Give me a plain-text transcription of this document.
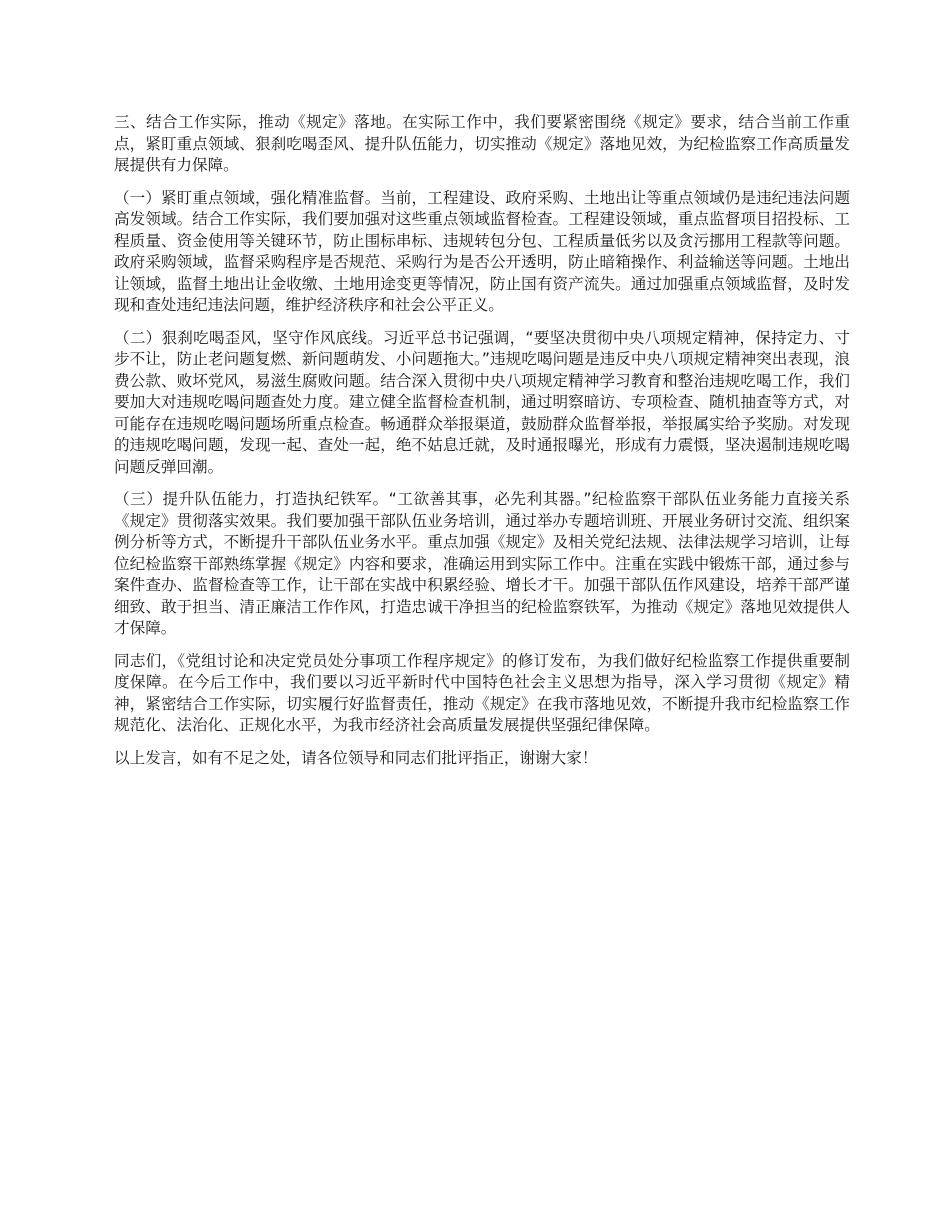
三、结合工作实际，推动《规定》落地。在实际工作中，我们要紧密围绕《规定》要求，结合当前工作重点，紧盯重点领域、狠刹吃喝歪风、提升队伍能力，切实推动《规定》落地见效，为纪检监察工作高质量发展提供有力保障。

（一）紧盯重点领域，强化精准监督。当前，工程建设、政府采购、土地出让等重点领域仍是违纪违法问题高发领域。结合工作实际，我们要加强对这些重点领域监督检查。工程建设领域，重点监督项目招投标、工程质量、资金使用等关键环节，防止围标串标、违规转包分包、工程质量低劣以及贪污挪用工程款等问题。政府采购领域，监督采购程序是否规范、采购行为是否公开透明，防止暗箱操作、利益输送等问题。土地出让领域，监督土地出让金收缴、土地用途变更等情况，防止国有资产流失。通过加强重点领域监督，及时发现和查处违纪违法问题，维护经济秩序和社会公平正义。

（二）狠刹吃喝歪风，坚守作风底线。习近平总书记强调，“要坚决贯彻中央八项规定精神，保持定力、寸步不让，防止老问题复燃、新问题萌发、小问题拖大。”违规吃喝问题是违反中央八项规定精神突出表现，浪费公款、败坏党风，易滋生腐败问题。结合深入贯彻中央八项规定精神学习教育和整治违规吃喝工作，我们要加大对违规吃喝问题查处力度。建立健全监督检查机制，通过明察暗访、专项检查、随机抽查等方式，对可能存在违规吃喝问题场所重点检查。畅通群众举报渠道，鼓励群众监督举报，举报属实给予奖励。对发现的违规吃喝问题，发现一起、查处一起，绝不姑息迁就，及时通报曝光，形成有力震慑，坚决遏制违规吃喝问题反弹回潮。

（三）提升队伍能力，打造执纪铁军。“工欲善其事，必先利其器。”纪检监察干部队伍业务能力直接关系《规定》贯彻落实效果。我们要加强干部队伍业务培训，通过举办专题培训班、开展业务研讨交流、组织案例分析等方式，不断提升干部队伍业务水平。重点加强《规定》及相关党纪法规、法律法规学习培训，让每位纪检监察干部熟练掌握《规定》内容和要求，准确运用到实际工作中。注重在实践中锻炼干部，通过参与案件查办、监督检查等工作，让干部在实战中积累经验、增长才干。加强干部队伍作风建设，培养干部严谨细致、敢于担当、清正廉洁工作作风，打造忠诚干净担当的纪检监察铁军，为推动《规定》落地见效提供人才保障。

同志们，《党组讨论和决定党员处分事项工作程序规定》的修订发布，为我们做好纪检监察工作提供重要制度保障。在今后工作中，我们要以习近平新时代中国特色社会主义思想为指导，深入学习贯彻《规定》精神，紧密结合工作实际，切实履行好监督责任，推动《规定》在我市落地见效，不断提升我市纪检监察工作规范化、法治化、正规化水平，为我市经济社会高质量发展提供坚强纪律保障。

以上发言，如有不足之处，请各位领导和同志们批评指正，谢谢大家！
